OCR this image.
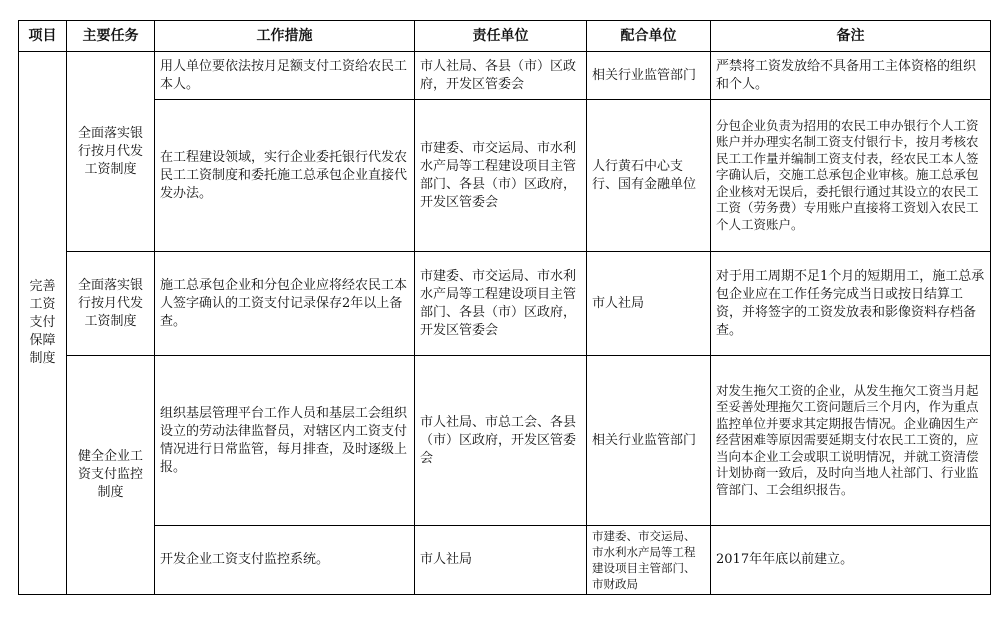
项目	主要任务	工作措施	责任单位	配合单位	备注
完善工资支付保障制度	全面落实银行按月代发工资制度	用人单位要依法按月足额支付工资给农民工本人。	市人社局、各县（市）区政府，开发区管委会	相关行业监管部门	严禁将工资发放给不具备用工主体资格的组织和个人。
		在工程建设领域，实行企业委托银行代发农民工工资制度和委托施工总承包企业直接代发办法。	市建委、市交运局、市水利水产局等工程建设项目主管部门、各县（市）区政府，开发区管委会	人行黄石中心支行、国有金融单位	分包企业负责为招用的农民工申办银行个人工资账户并办理实名制工资支付银行卡，按月考核农民工工作量并编制工资支付表，经农民工本人签字确认后，交施工总承包企业审核。施工总承包企业核对无误后，委托银行通过其设立的农民工工资（劳务费）专用账户直接将工资划入农民工个人工资账户。
	全面落实银行按月代发工资制度	施工总承包企业和分包企业应将经农民工本人签字确认的工资支付记录保存2年以上备查。	市建委、市交运局、市水利水产局等工程建设项目主管部门、各县（市）区政府，开发区管委会	市人社局	对于用工周期不足1个月的短期用工，施工总承包企业应在工作任务完成当日或按日结算工资，并将签字的工资发放表和影像资料存档备查。
	健全企业工资支付监控制度	组织基层管理平台工作人员和基层工会组织设立的劳动法律监督员，对辖区内工资支付情况进行日常监管，每月排查，及时逐级上报。	市人社局、市总工会、各县（市）区政府，开发区管委会	相关行业监管部门	对发生拖欠工资的企业，从发生拖欠工资当月起至妥善处理拖欠工资问题后三个月内，作为重点监控单位并要求其定期报告情况。企业确因生产经营困难等原因需要延期支付农民工工资的，应当向本企业工会或职工说明情况，并就工资清偿计划协商一致后，及时向当地人社部门、行业监管部门、工会组织报告。
		开发企业工资支付监控系统。	市人社局	市建委、市交运局、市水利水产局等工程建设项目主管部门、市财政局	2017年年底以前建立。
